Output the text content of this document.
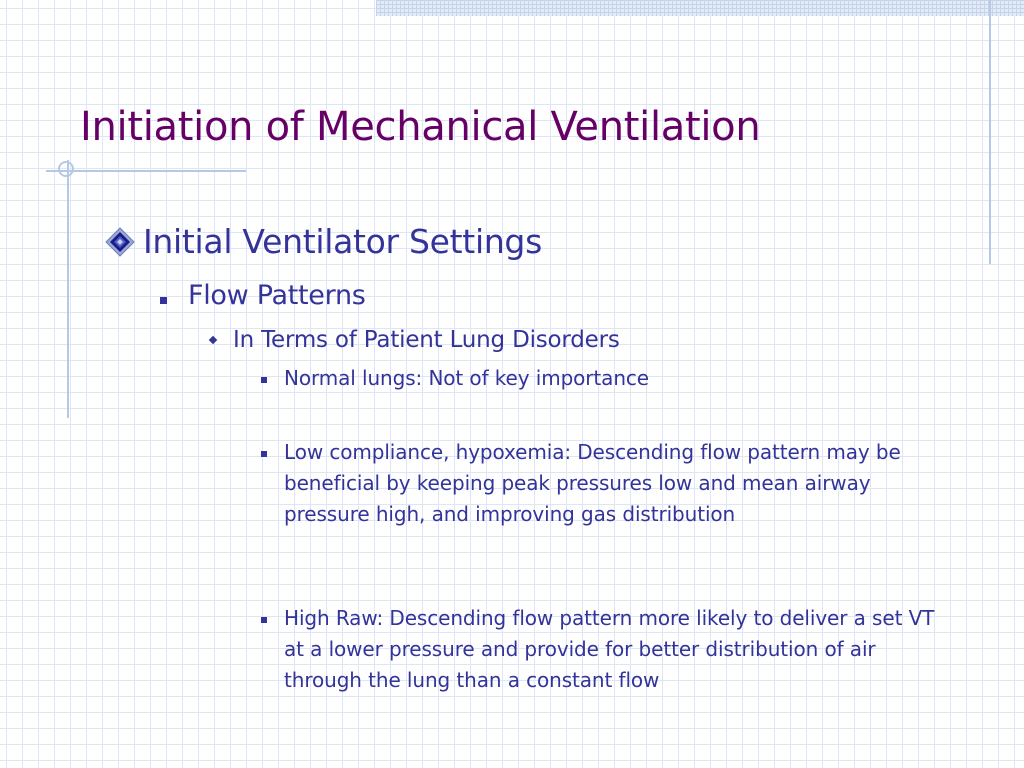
Initiation of Mechanical Ventilation
Initial Ventilator Settings
Flow Patterns
In Terms of Patient Lung Disorders
Normal lungs: Not of key importance
Low compliance, hypoxemia: Descending flow pattern may be beneficial by keeping peak pressures low and mean airway pressure high, and improving gas distribution
High Raw: Descending flow pattern more likely to deliver a set VT at a lower pressure and provide for better distribution of air through the lung than a constant flow
